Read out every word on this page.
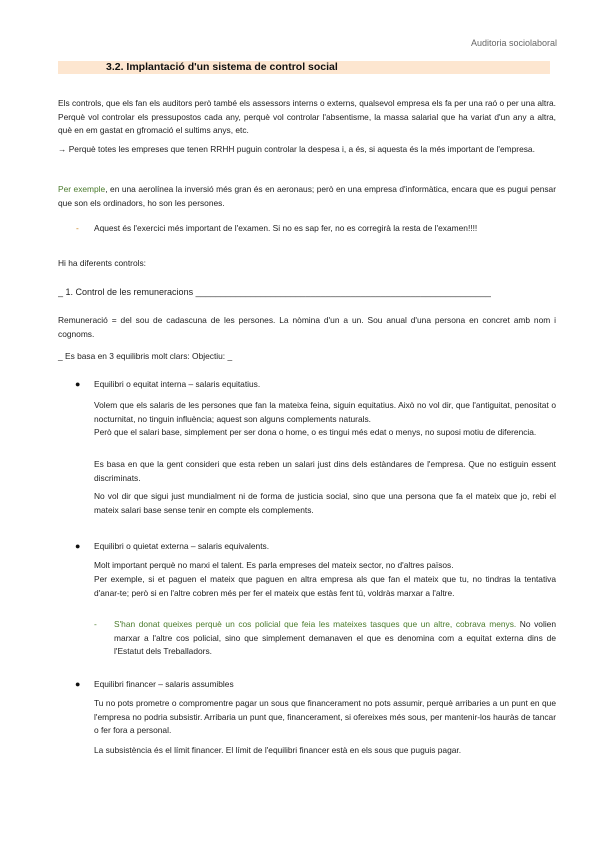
Auditoria sociolaboral
3.2. Implantació d'un sistema de control social

Els controls, que els fan els auditors però també els assessors interns o externs, qualsevol empresa els fa per una raó o per una altra. Perquè vol controlar els pressupostos cada any, perquè vol controlar l'absentisme, la massa salarial que ha variat d'un any a altra, què en em gastat en gfromació el sultims anys, etc.

→ Perquè totes les empreses que tenen RRHH puguin controlar la despesa i, a és, si aquesta és la més important de l'empresa.

Per exemple, en una aerolínea la inversió més gran és en aeronaus; però en una empresa d'informàtica, encara que es pugui pensar que son els ordinadors, ho son les persones.

- Aquest és l'exercici més important de l'examen. Si no es sap fer, no es corregirà la resta de l'examen!!!!

Hi ha diferents controls:

_ 1. Control de les remuneracions ___________________________________________________________

Remuneració = del sou de cadascuna de les persones. La nòmina d'un a un. Sou anual d'una persona en concret amb nom i cognoms.

_ Es basa en 3 equilibris molt clars: Objectiu: _

● Equilibri o equitat interna – salaris equitatius.

Volem que els salaris de les persones que fan la mateixa feina, siguin equitatius. Això no vol dir, que l'antiguitat, penositat o nocturnitat, no tinguin influència; aquest son alguns complements naturals.

Però que el salari base, simplement per ser dona o home, o es tingui més edat o menys, no suposi motiu de diferencia.

Es basa en que la gent consideri que esta reben un salari just dins dels estàndares de l'empresa. Que no estiguin essent discriminats.

No vol dir que sigui just mundialment ni de forma de justicia social, sino que una persona que fa el mateix que jo, rebi el mateix salari base sense tenir en compte els complements.

● Equilibri o quietat externa – salaris equivalents.

Molt important perquè no marxi el talent. Es parla empreses del mateix sector, no d'altres països.

Per exemple, si et paguen el mateix que paguen en altra empresa als que fan el mateix que tu, no tindras la tentativa d'anar-te; però si en l'altre cobren més per fer el mateix que estàs fent tú, voldràs marxar a l'altre.

- S'han donat queixes perquè un cos policial que feia les mateixes tasques que un altre, cobrava menys. No volien marxar a l'altre cos policial, sino que simplement demanaven el que es denomina com a equitat externa dins de l'Estatut dels Treballadors.

● Equilibri financer – salaris assumibles

Tu no pots prometre o compromentre pagar un sous que financerament no pots assumir, perquè arribaries a un punt en que l'empresa no podria subsistir. Arribaria un punt que, financerament, si ofereixes més sous, per mantenir-los hauràs de tancar o fer fora a personal.

La subsistència és el límit financer. El límit de l'equilibri financer està en els sous que puguis pagar.
